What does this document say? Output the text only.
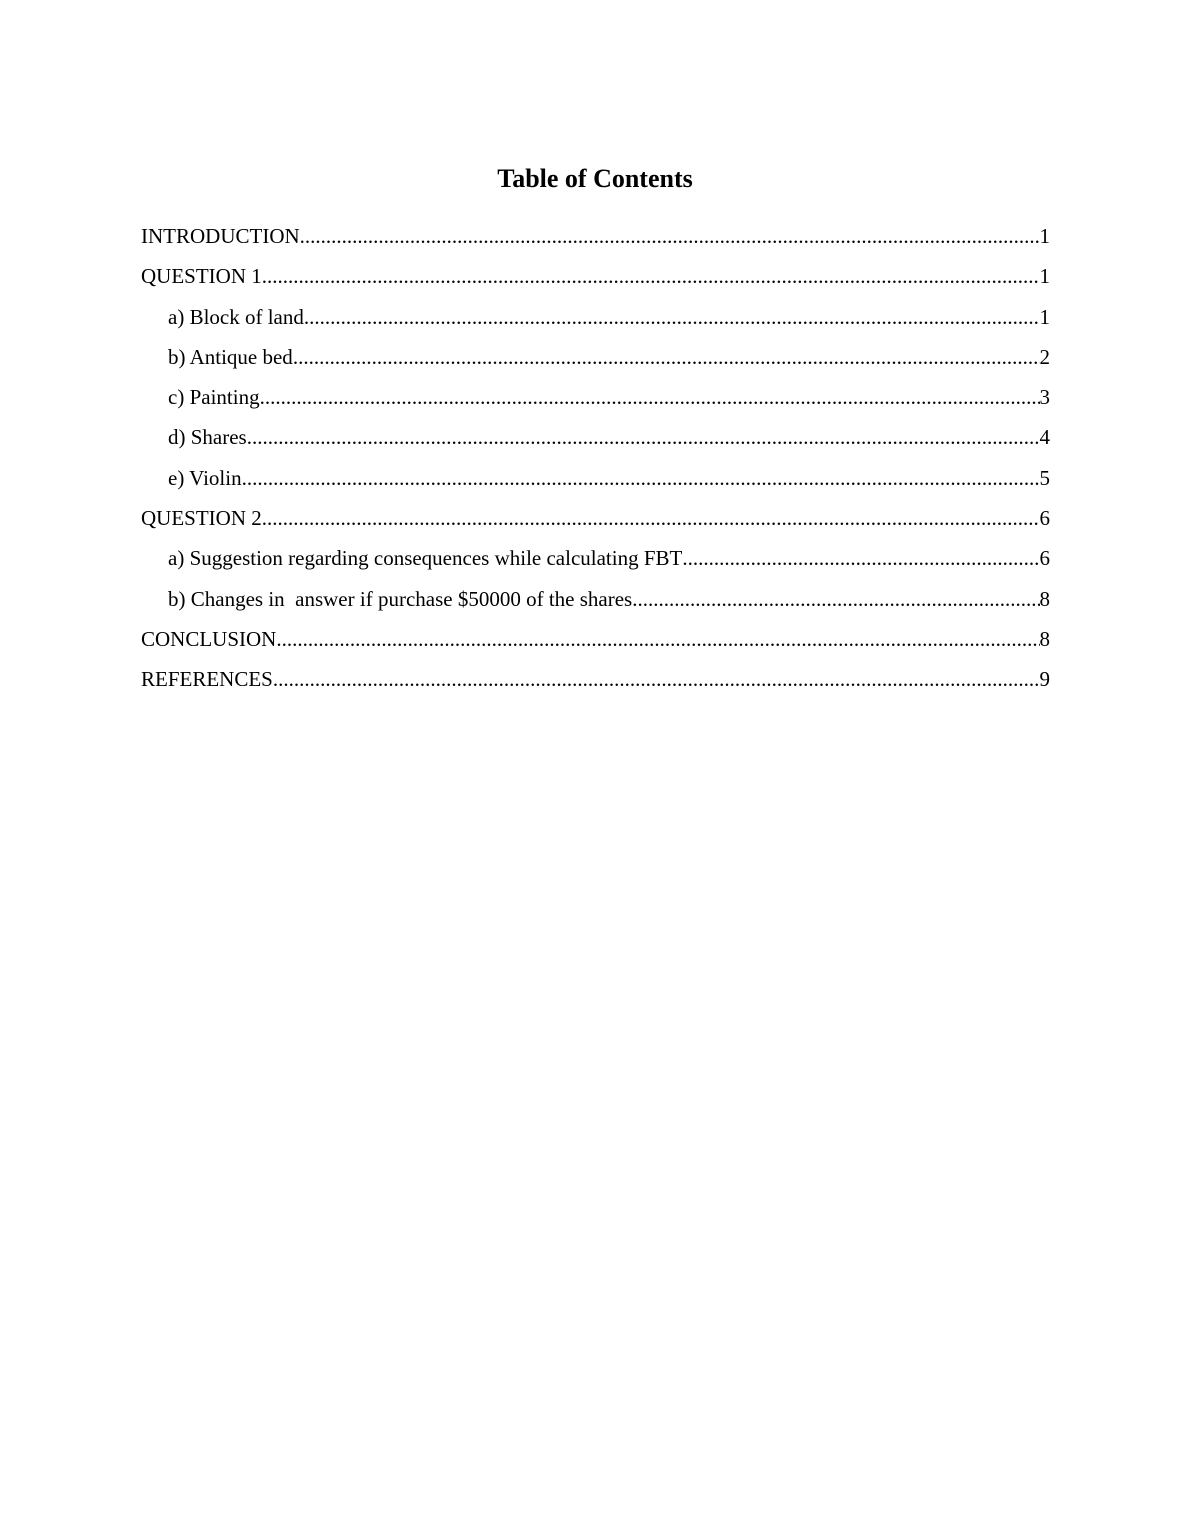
Table of Contents
INTRODUCTION .....	1
QUESTION 1 .....	1
a) Block of land .....	1
b) Antique bed .....	2
c) Painting .....	3
d) Shares .....	4
e) Violin .....	5
QUESTION 2 .....	6
a) Suggestion regarding consequences while calculating FBT .....	6
b) Changes in  answer if purchase $50000 of the shares .....	8
CONCLUSION .....	8
REFERENCES .....	9
